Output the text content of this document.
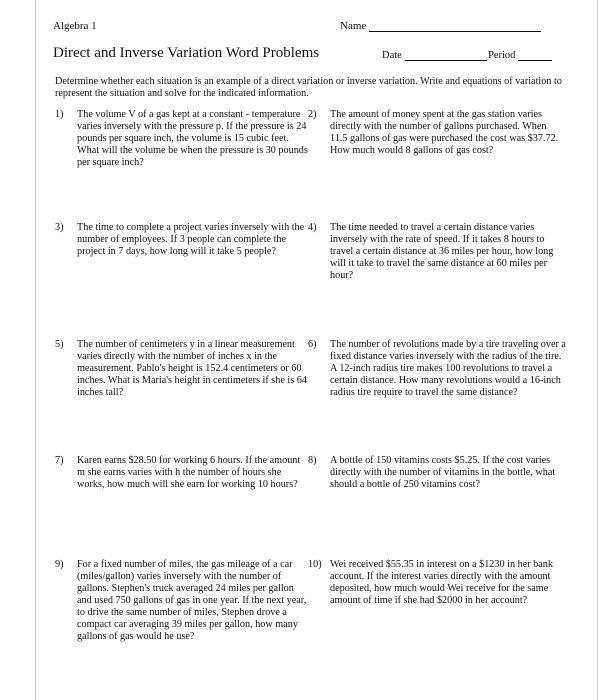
Algebra 1	Name
Direct and Inverse Variation Word Problems	Date	Period
Determine whether each situation is an example of a direct variation or inverse variation. Write and equations of variation to represent the situation and solve for the indicated information.
1)	The volume V of a gas kept at a constant - temperature varies inversely with the pressure p. If the pressure is 24 pounds per square inch, the volume is 15 cubic feet. What will the volume be when the pressure is 30 pounds per square inch?
2)	The amount of money spent at the gas station varies directly with the number of gallons purchased. When 11.5 gallons of gas were purchased the cost was $37.72. How much would 8 gallons of gas cost?
3)	The time to complete a project varies inversely with the number of employees. If 3 people can complete the project in 7 days, how long will it take 5 people?
4)	The time needed to travel a certain distance varies inversely with the rate of speed. If it takes 8 hours to travel a certain distance at 36 miles per hour, how long will it take to travel the same distance at 60 miles per hour?
5)	The number of centimeters y in a linear measurement varies directly with the number of inches x in the measurement. Pablo's height is 152.4 centimeters or 60 inches. What is Maria's height in centimeters if she is 64 inches tall?
6)	The number of revolutions made by a tire traveling over a fixed distance varies inversely with the radius of the tire. A 12-inch radius tire makes 100 revolutions to travel a certain distance. How many revolutions would a 16-inch radius tire require to travel the same distance?
7)	Karen earns $28.50 for working 6 hours. If the amount m she earns varies with h the number of hours she works, how much will she earn for working 10 hours?
8)	A bottle of 150 vitamins costs $5.25. If the cost varies directly with the number of vitamins in the bottle, what should a bottle of 250 vitamins cost?
9)	For a fixed number of miles, the gas mileage of a car (miles/gallon) varies inversely with the number of gallons. Stephen's truck averaged 24 miles per gallon and used 750 gallons of gas in one year. If the next year, to drive the same number of miles, Stephen drove a compact car averaging 39 miles per gallon, how many gallons of gas would he use?
10) Wei received $55.35 in interest on a $1230 in her bank account. If the interest varies directly with the amount deposited, how much would Wei receive for the same amount of time if she had $2000 in her account?
